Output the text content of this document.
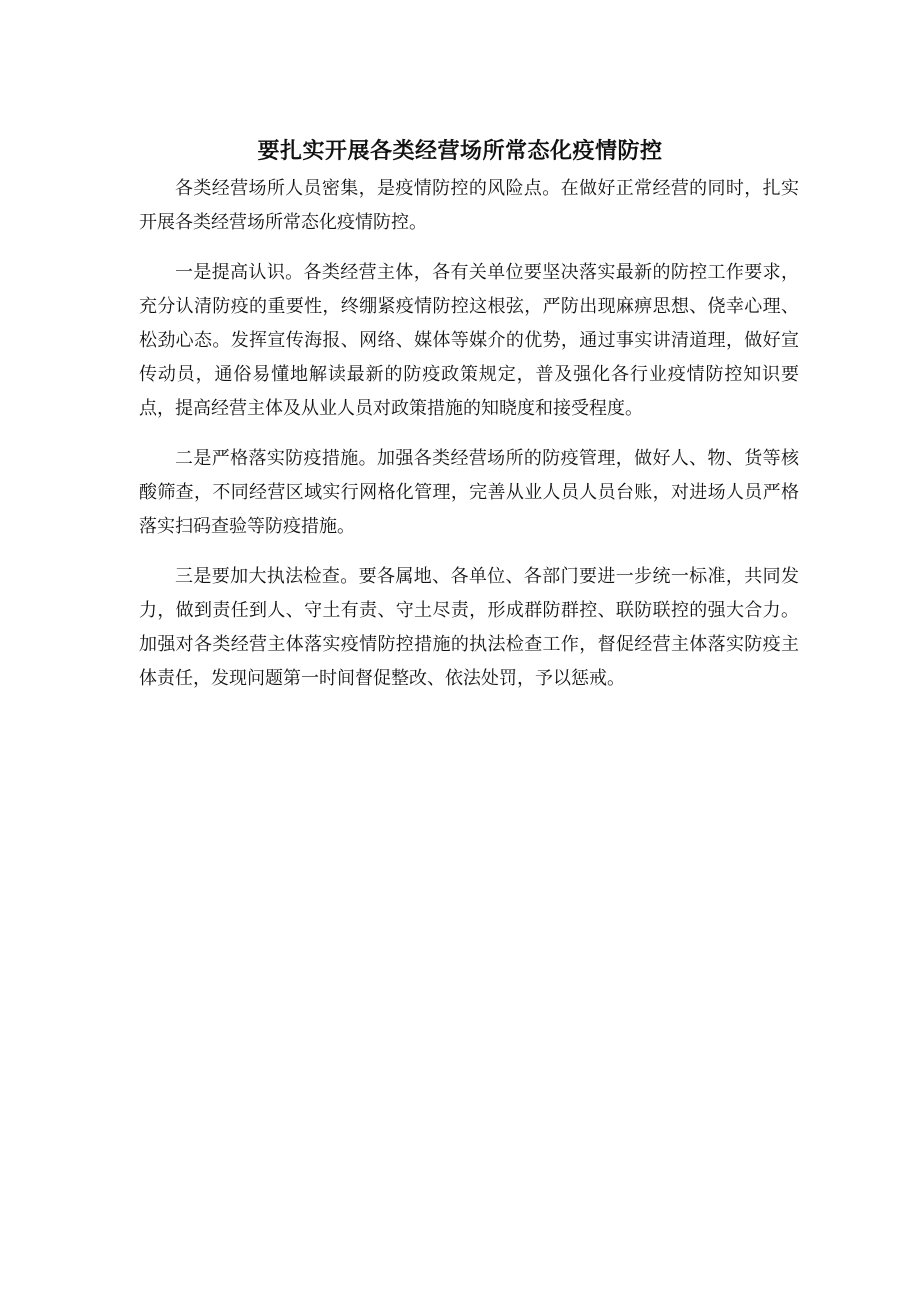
要扎实开展各类经营场所常态化疫情防控

各类经营场所人员密集，是疫情防控的风险点。在做好正常经营的同时，扎实开展各类经营场所常态化疫情防控。

一是提高认识。各类经营主体，各有关单位要坚决落实最新的防控工作要求，充分认清防疫的重要性，终绷紧疫情防控这根弦，严防出现麻痹思想、侥幸心理、松劲心态。发挥宣传海报、网络、媒体等媒介的优势，通过事实讲清道理，做好宣传动员，通俗易懂地解读最新的防疫政策规定，普及强化各行业疫情防控知识要点，提高经营主体及从业人员对政策措施的知晓度和接受程度。

二是严格落实防疫措施。加强各类经营场所的防疫管理，做好人、物、货等核酸筛查，不同经营区域实行网格化管理，完善从业人员人员台账，对进场人员严格落实扫码查验等防疫措施。

三是要加大执法检查。要各属地、各单位、各部门要进一步统一标准，共同发力，做到责任到人、守土有责、守土尽责，形成群防群控、联防联控的强大合力。加强对各类经营主体落实疫情防控措施的执法检查工作，督促经营主体落实防疫主体责任，发现问题第一时间督促整改、依法处罚，予以惩戒。
